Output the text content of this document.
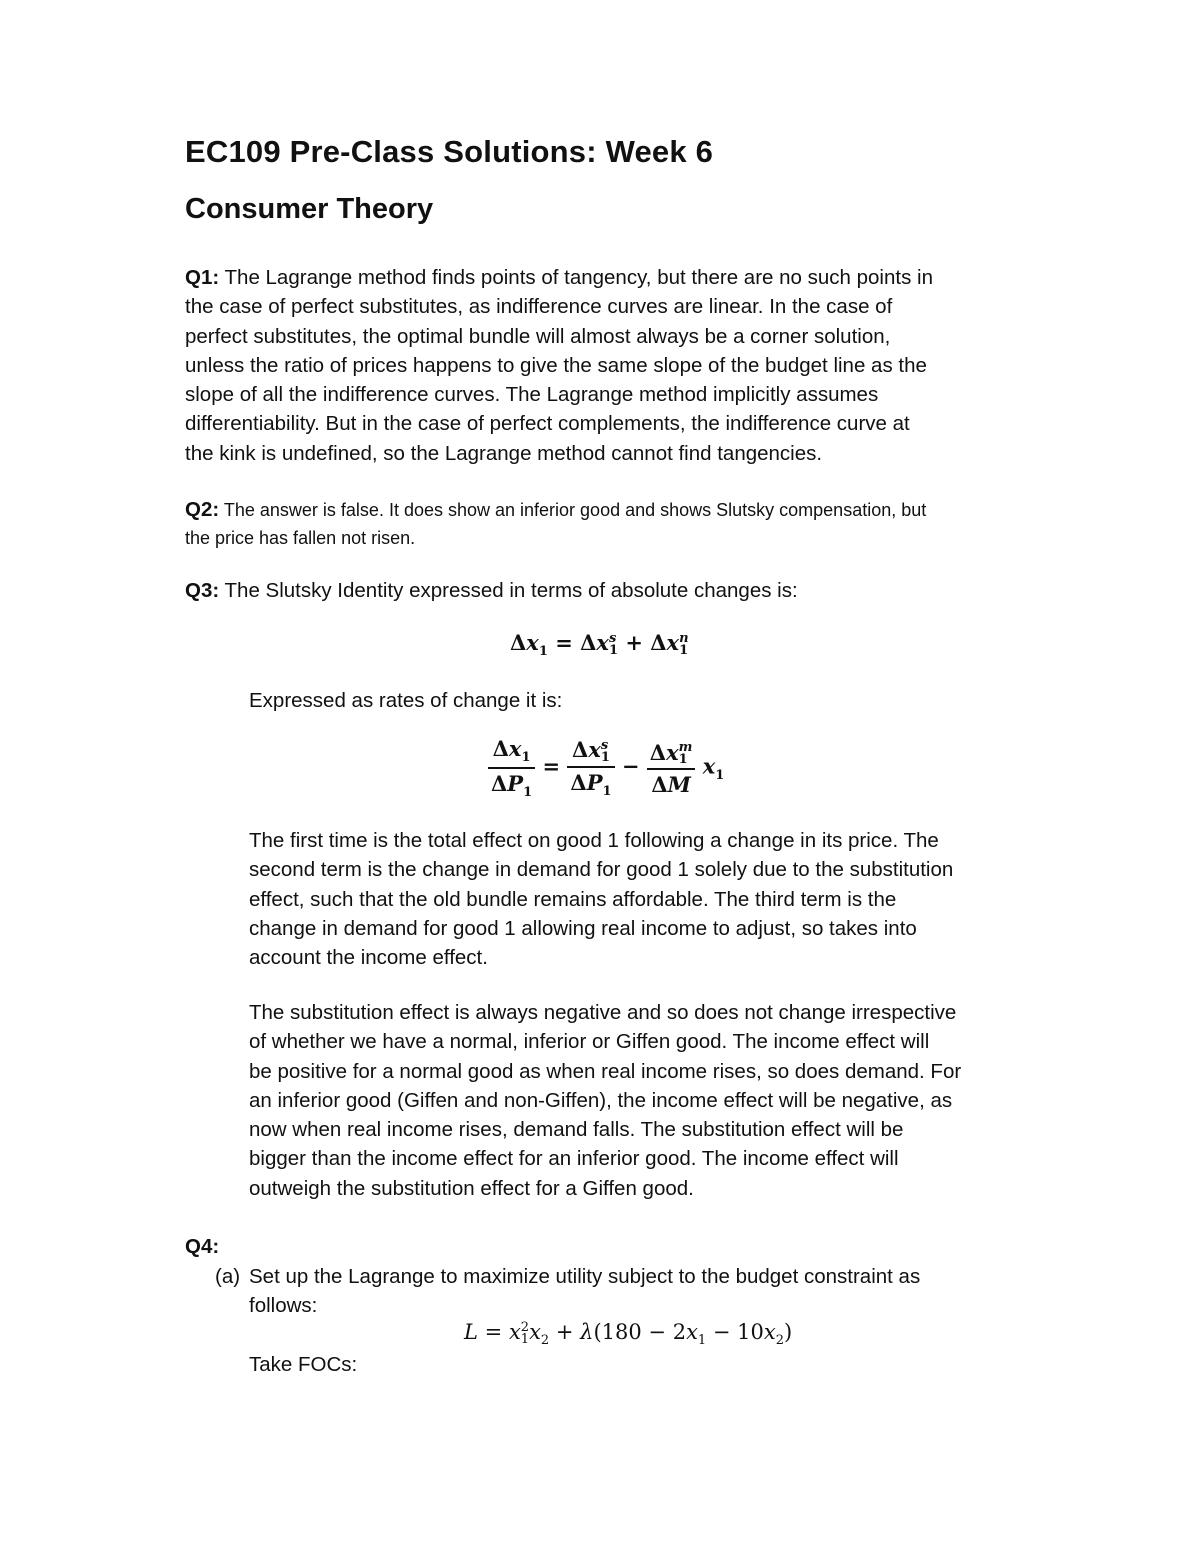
EC109 Pre-Class Solutions: Week 6
Consumer Theory
Q1: The Lagrange method finds points of tangency, but there are no such points in
the case of perfect substitutes, as indifference curves are linear. In the case of
perfect substitutes, the optimal bundle will almost always be a corner solution,
unless the ratio of prices happens to give the same slope of the budget line as the
slope of all the indifference curves. The Lagrange method implicitly assumes
differentiability. But in the case of perfect complements, the indifference curve at
the kink is undefined, so the Lagrange method cannot find tangencies.
Q2: The answer is false. It does show an inferior good and shows Slutsky compensation, but
the price has fallen not risen.
Q3: The Slutsky Identity expressed in terms of absolute changes is:
$\Delta x_1 = \Delta x$ s
1 + Δx n
1
Expressed as rates of change it is:
$\frac{\Delta x_1}{\Delta P_1} = \Delta x$ s
1
$\Delta P_1 - \Delta x$ m
1
ΔM $x_1$
The first time is the total effect on good 1 following a change in its price. The
second term is the change in demand for good 1 solely due to the substitution
effect, such that the old bundle remains affordable. The third term is the
change in demand for good 1 allowing real income to adjust, so takes into
account the income effect.
The substitution effect is always negative and so does not change irrespective
of whether we have a normal, inferior or Giffen good. The income effect will
be positive for a normal good as when real income rises, so does demand. For
an inferior good (Giffen and non-Giffen), the income effect will be negative, as
now when real income rises, demand falls. The substitution effect will be
bigger than the income effect for an inferior good. The income effect will
outweigh the substitution effect for a Giffen good.
Q4:
(a) Set up the Lagrange to maximize utility subject to the budget constraint as
follows:
L = x 2
1 $x_2 + \lambda(180 - 2x_1 - 10x_2)$
Take FOCs:
